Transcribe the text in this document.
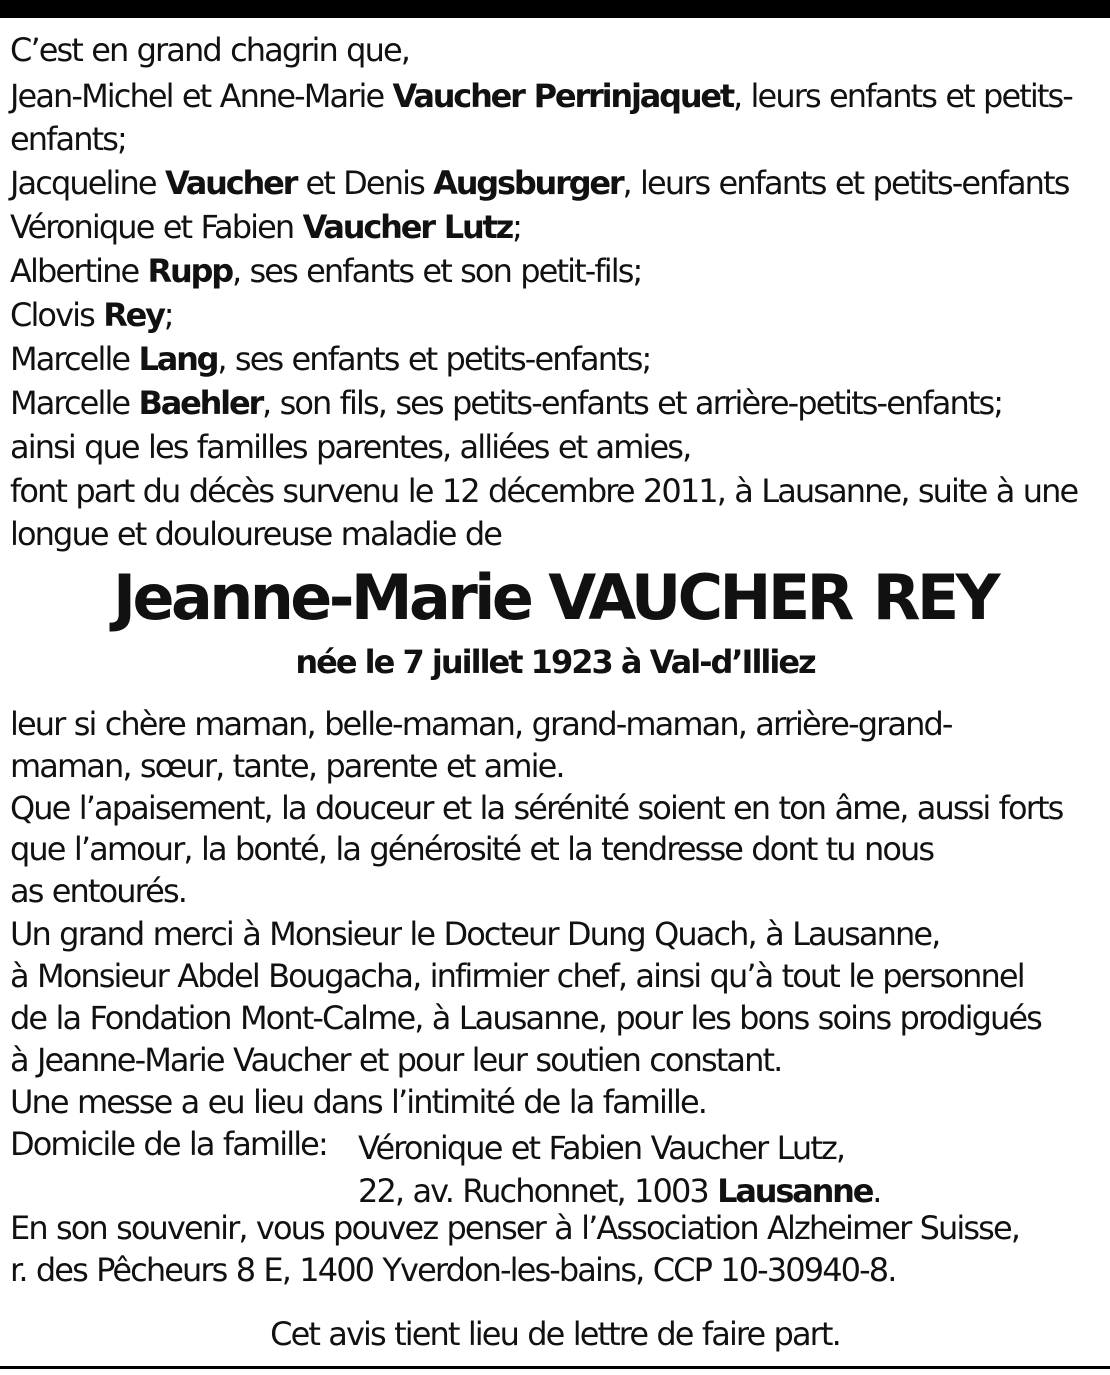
C’est en grand chagrin que,
Jean-Michel et Anne-Marie Vaucher Perrinjaquet, leurs enfants et petits-
enfants;
Jacqueline Vaucher et Denis Augsburger, leurs enfants et petits-enfants
Véronique et Fabien Vaucher Lutz;
Albertine Rupp, ses enfants et son petit-fils;
Clovis Rey;
Marcelle Lang, ses enfants et petits-enfants;
Marcelle Baehler, son fils, ses petits-enfants et arrière-petits-enfants;
ainsi que les familles parentes, alliées et amies,
font part du décès survenu le 12 décembre 2011, à Lausanne, suite à une
longue et douloureuse maladie de
Jeanne-Marie VAUCHER REY
née le 7 juillet 1923 à Val-d’Illiez
leur si chère maman, belle-maman, grand-maman, arrière-grand-
maman, sœur, tante, parente et amie.
Que l’apaisement, la douceur et la sérénité soient en ton âme, aussi forts
que l’amour, la bonté, la générosité et la tendresse dont tu nous
as entourés.
Un grand merci à Monsieur le Docteur Dung Quach, à Lausanne,
à Monsieur Abdel Bougacha, infirmier chef, ainsi qu’à tout le personnel
de la Fondation Mont-Calme, à Lausanne, pour les bons soins prodigués
à Jeanne-Marie Vaucher et pour leur soutien constant.
Une messe a eu lieu dans l’intimité de la famille.
Domicile de la famille: Véronique et Fabien Vaucher Lutz,
22, av. Ruchonnet, 1003 Lausanne.
En son souvenir, vous pouvez penser à l’Association Alzheimer Suisse,
r. des Pêcheurs 8 E, 1400 Yverdon-les-bains, CCP 10-30940-8.
Cet avis tient lieu de lettre de faire part.
